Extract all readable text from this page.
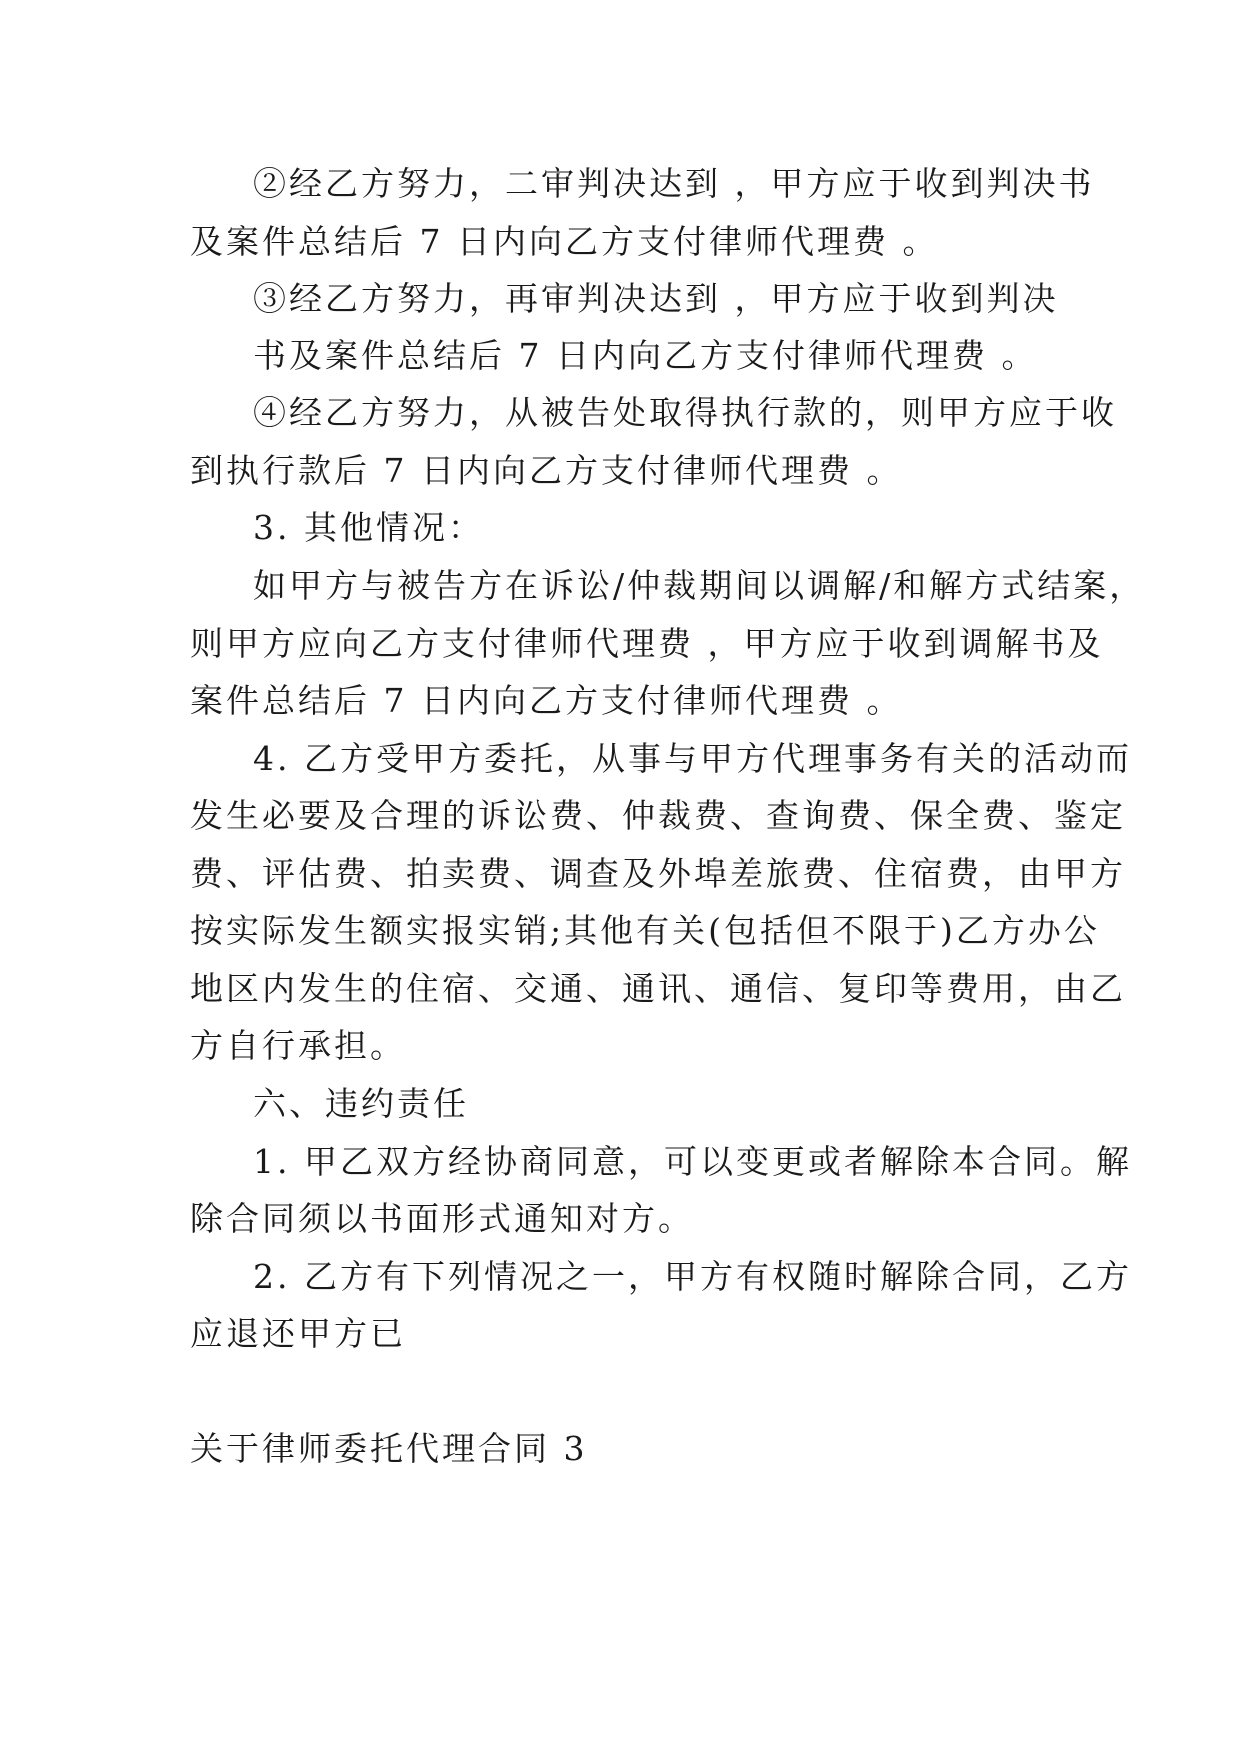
②经乙方努力，二审判决达到 ，甲方应于收到判决书
及案件总结后 7 日内向乙方支付律师代理费 。
③经乙方努力，再审判决达到 ，甲方应于收到判决
书及案件总结后 7 日内向乙方支付律师代理费 。
④经乙方努力，从被告处取得执行款的，则甲方应于收
到执行款后 7 日内向乙方支付律师代理费 。
3. 其他情况：
如甲方与被告方在诉讼/仲裁期间以调解/和解方式结案，
则甲方应向乙方支付律师代理费 ，甲方应于收到调解书及
案件总结后 7 日内向乙方支付律师代理费 。
4. 乙方受甲方委托，从事与甲方代理事务有关的活动而
发生必要及合理的诉讼费、仲裁费、查询费、保全费、鉴定
费、评估费、拍卖费、调查及外埠差旅费、住宿费，由甲方
按实际发生额实报实销;其他有关(包括但不限于)乙方办公
地区内发生的住宿、交通、通讯、通信、复印等费用，由乙
方自行承担。
六、违约责任
1. 甲乙双方经协商同意，可以变更或者解除本合同。解
除合同须以书面形式通知对方。
2. 乙方有下列情况之一，甲方有权随时解除合同，乙方
应退还甲方已
关于律师委托代理合同 3
